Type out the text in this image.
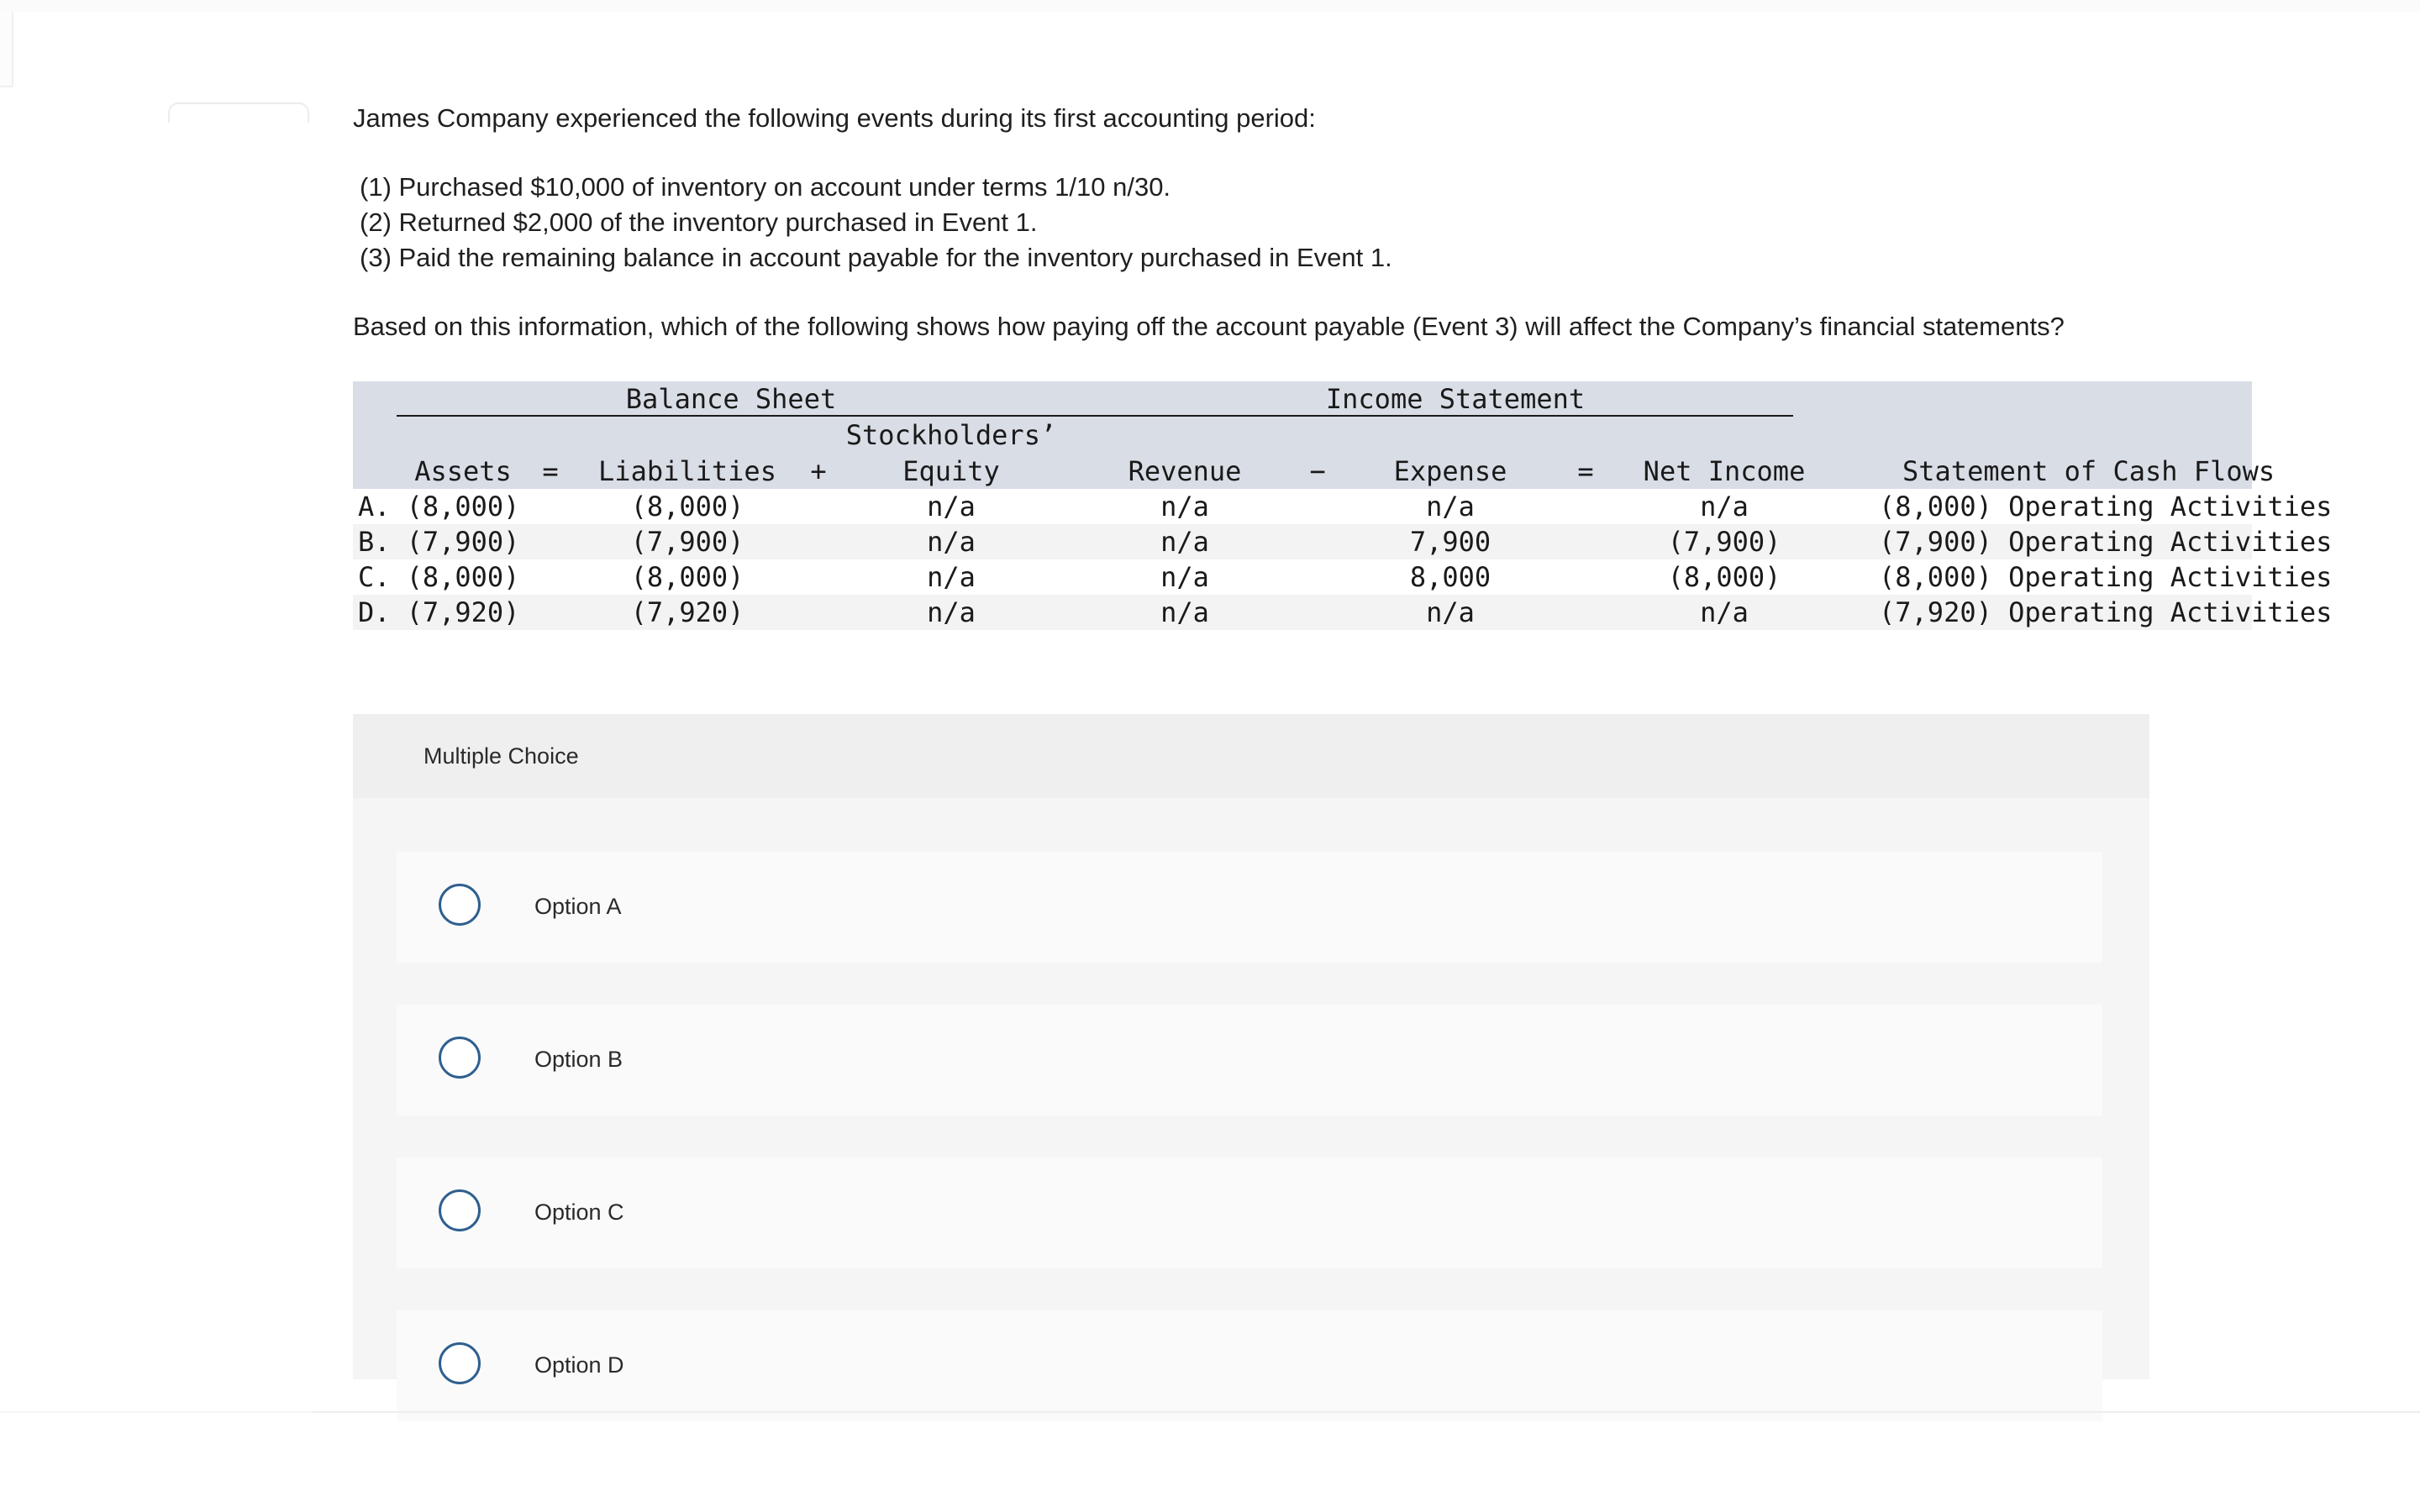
James Company experienced the following events during its first accounting period:

(1) Purchased $10,000 of inventory on account under terms 1/10 n/30.
(2) Returned $2,000 of the inventory purchased in Event 1.
(3) Paid the remaining balance in account payable for the inventory purchased in Event 1.

Based on this information, which of the following shows how paying off the account payable (Event 3) will affect the Company’s financial statements?

Balance Sheet	Income Statement
Stockholders’
Assets = Liabilities +	Equity	Revenue	−	Expense	= Net Income	Statement of Cash Flows
A. (8,000)	(8,000)	n/a	n/a	n/a	n/a	(8,000) Operating Activities
B. (7,900)	(7,900)	n/a	n/a	7,900	(7,900)	(7,900) Operating Activities
C. (8,000)	(8,000)	n/a	n/a	8,000	(8,000)	(8,000) Operating Activities
D. (7,920)	(7,920)	n/a	n/a	n/a	n/a	(7,920) Operating Activities
Multiple Choice
Option A
Option B
Option C
Option D
